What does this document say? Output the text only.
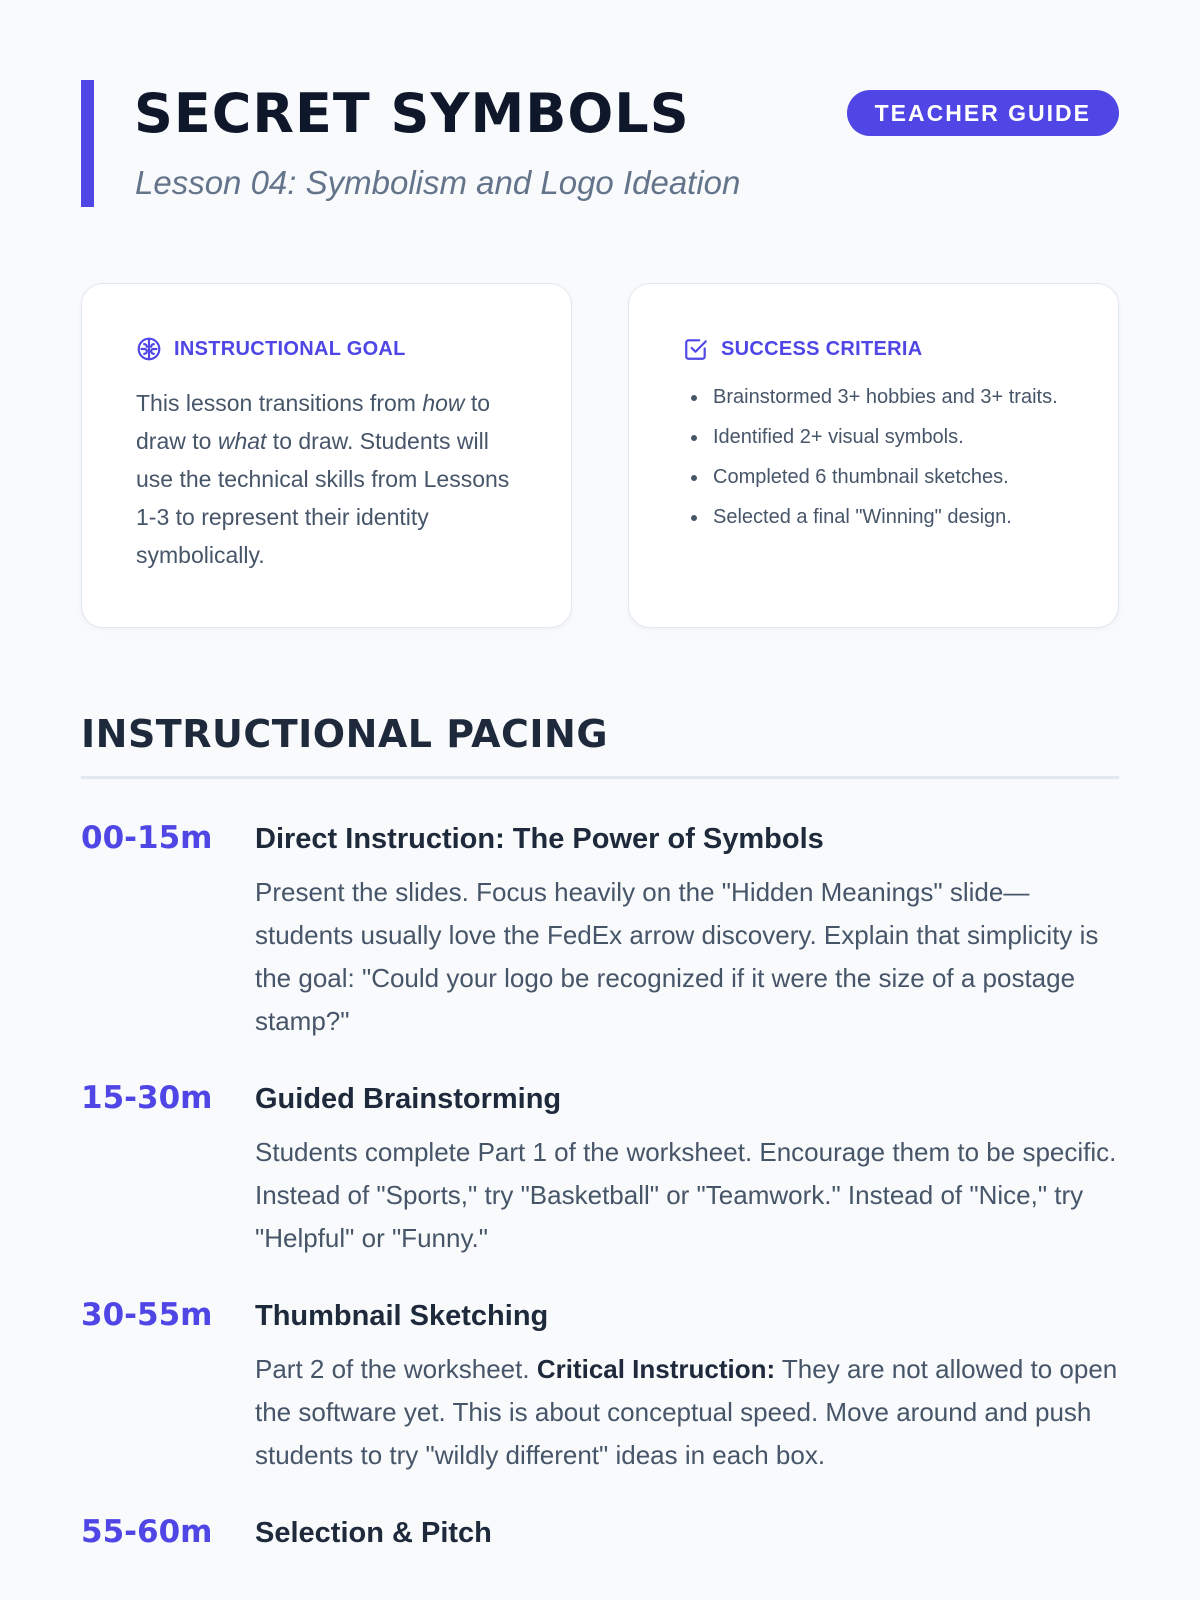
SECRET SYMBOLS

Lesson 04: Symbolism and Logo Ideation

TEACHER GUIDE
INSTRUCTIONAL GOAL

This lesson transitions from how to draw to what to draw. Students will use the technical skills from Lessons 1-3 to represent their identity symbolically.

SUCCESS CRITERIA
• Brainstormed 3+ hobbies and 3+ traits.
• Identified 2+ visual symbols.
• Completed 6 thumbnail sketches.
• Selected a final "Winning" design.
INSTRUCTIONAL PACING
00-15m	Direct Instruction: The Power of Symbols

Present the slides. Focus heavily on the "Hidden Meanings" slide—students usually love the FedEx arrow discovery. Explain that simplicity is the goal: "Could your logo be recognized if it were the size of a postage stamp?"

15-30m	Guided Brainstorming

Students complete Part 1 of the worksheet. Encourage them to be specific. Instead of "Sports," try "Basketball" or "Teamwork." Instead of "Nice," try "Helpful" or "Funny."

30-55m	Thumbnail Sketching

Part 2 of the worksheet. Critical Instruction: They are not allowed to open the software yet. This is about conceptual speed. Move around and push students to try "wildly different" ideas in each box.

55-60m	Selection & Pitch
